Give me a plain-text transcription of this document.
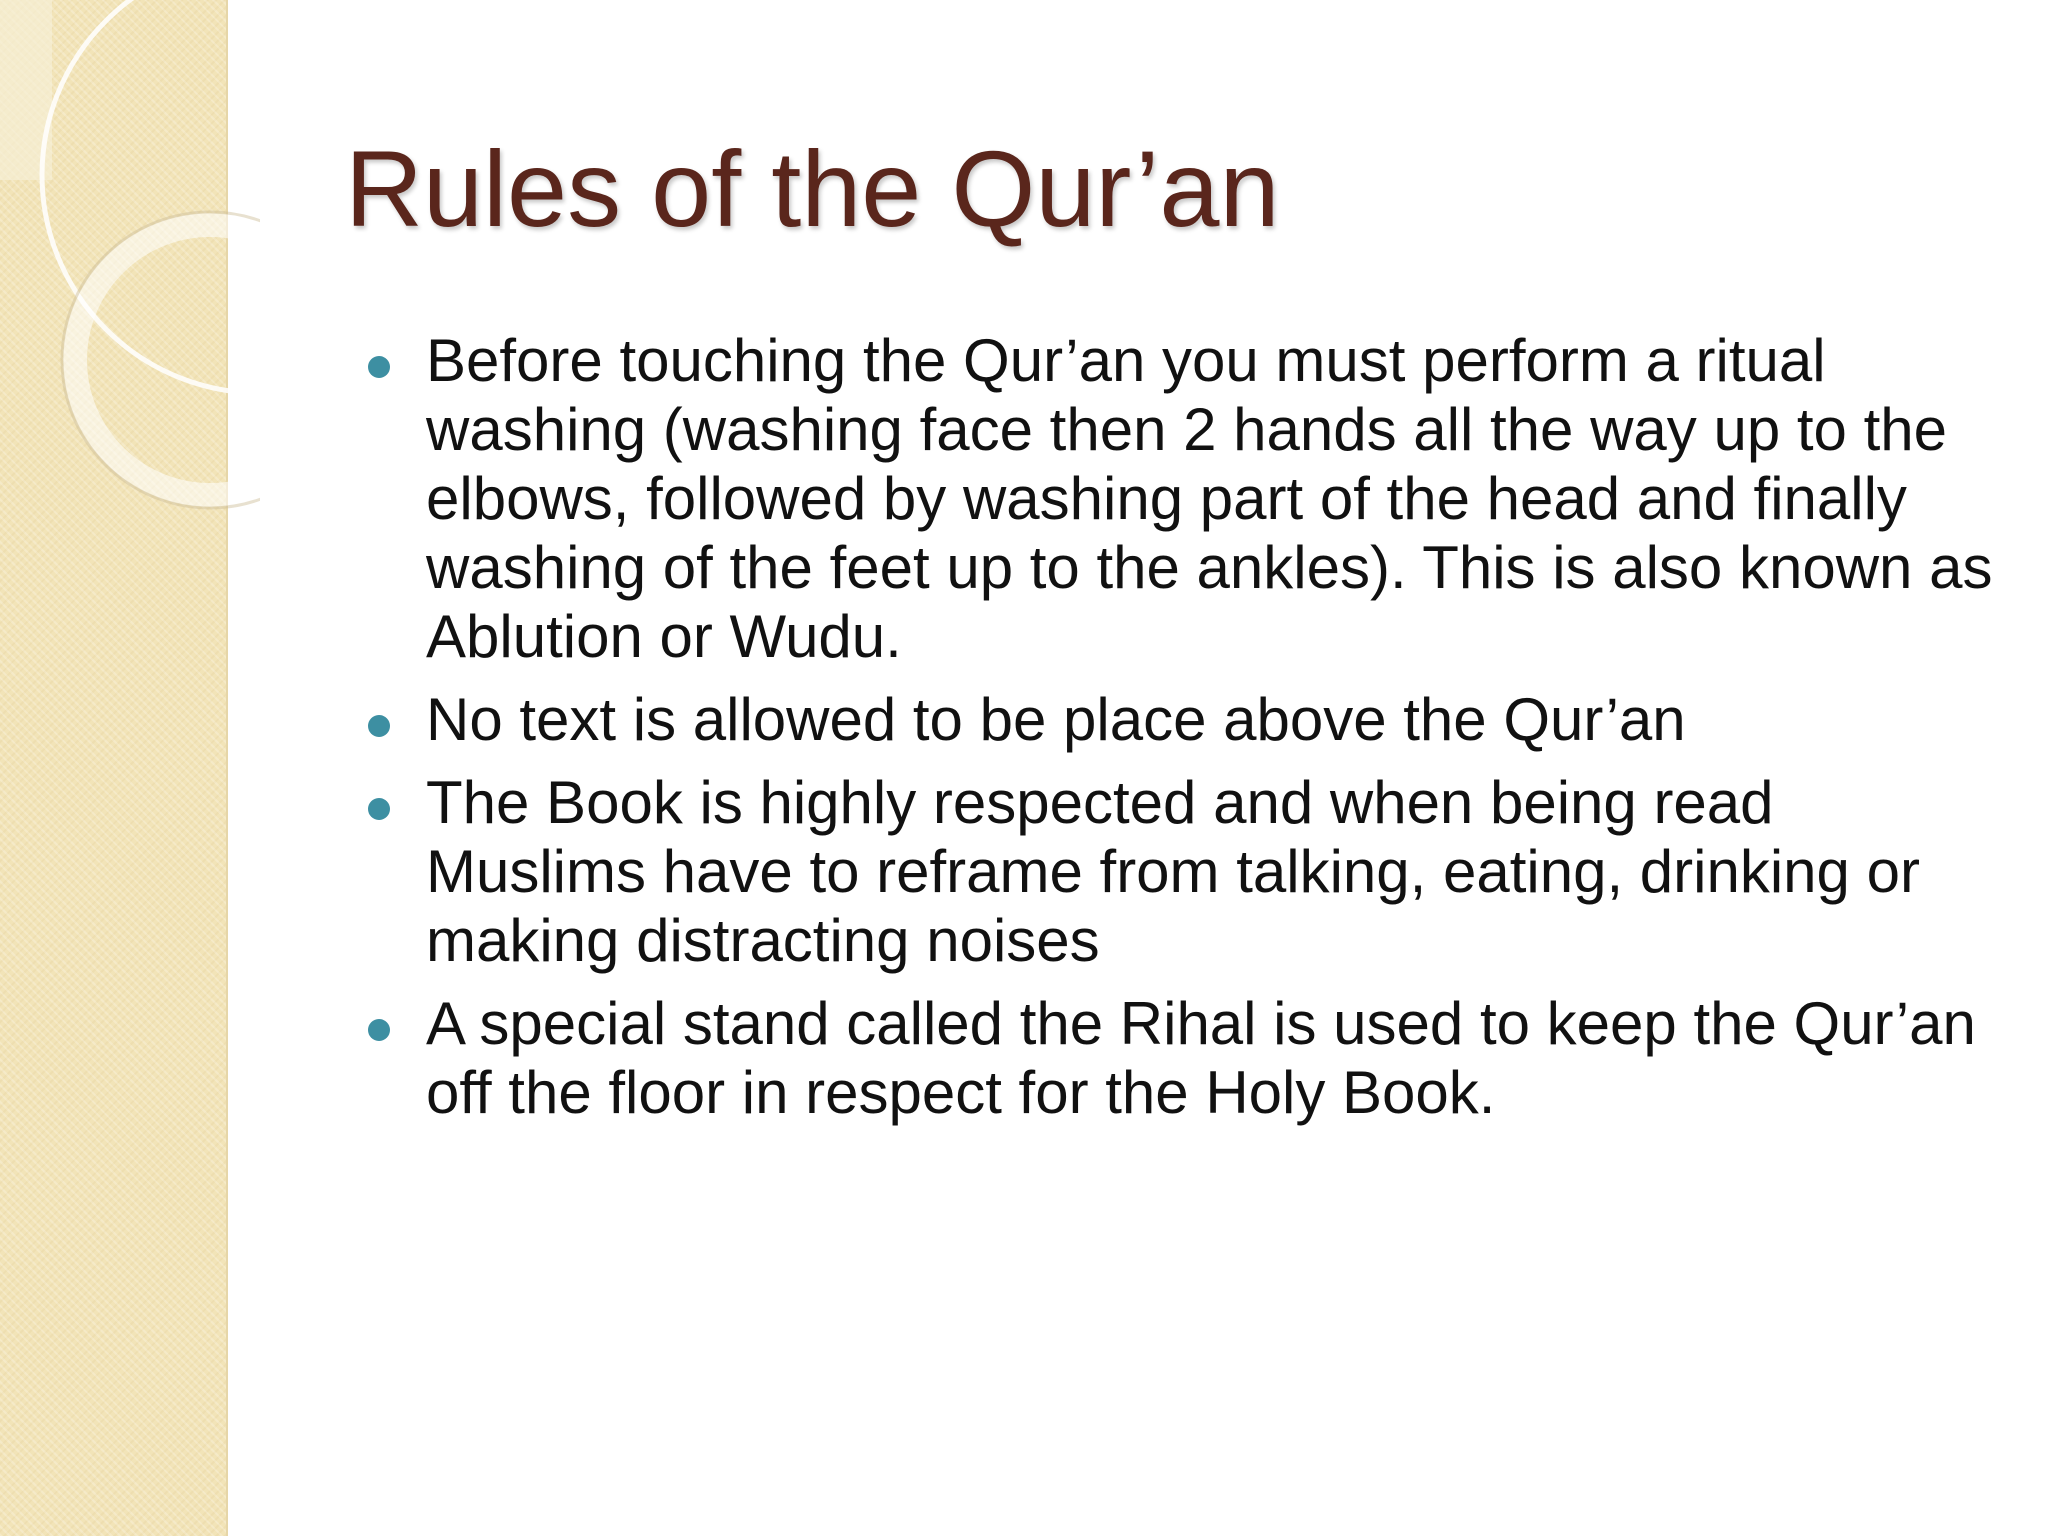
Rules of the Qur’an
Before touching the Qur’an you must perform a ritual washing (washing face then 2 hands all the way up to the elbows, followed by washing part of the head and finally washing of the feet up to the ankles). This is also known as Ablution or Wudu.
No text is allowed to be place above the Qur’an
The Book is highly respected and when being read Muslims have to reframe from talking, eating, drinking or making distracting noises
A special stand called the Rihal is used to keep the Qur’an off the floor in respect for the Holy Book.
